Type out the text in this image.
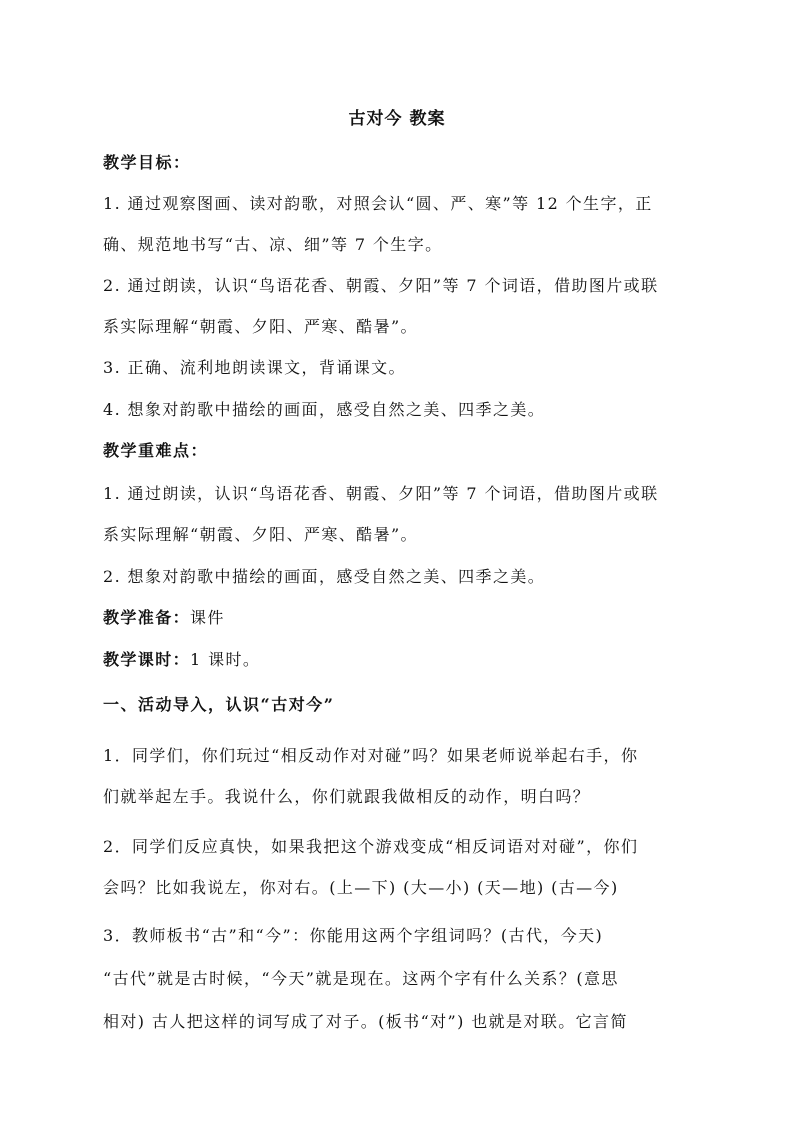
古对今 教案

教学目标：

1. 通过观察图画、读对韵歌，对照会认“圆、严、寒”等 12 个生字，正

确、规范地书写“古、凉、细”等 7 个生字。

2. 通过朗读，认识“鸟语花香、朝霞、夕阳”等 7 个词语，借助图片或联

系实际理解“朝霞、夕阳、严寒、酷暑”。

3. 正确、流利地朗读课文，背诵课文。

4. 想象对韵歌中描绘的画面，感受自然之美、四季之美。

教学重难点：

1. 通过朗读，认识“鸟语花香、朝霞、夕阳”等 7 个词语，借助图片或联

系实际理解“朝霞、夕阳、严寒、酷暑”。

2. 想象对韵歌中描绘的画面，感受自然之美、四季之美。

教学准备：课件

教学课时：1 课时。

一、活动导入，认识“古对今”

1．同学们，你们玩过“相反动作对对碰”吗？如果老师说举起右手，你

们就举起左手。我说什么，你们就跟我做相反的动作，明白吗？

2．同学们反应真快，如果我把这个游戏变成“相反词语对对碰”，你们

会吗？比如我说左，你对右。(上—下) (大—小) (天—地) (古—今)

3．教师板书“古”和“今”：你能用这两个字组词吗？(古代，今天)

“古代”就是古时候，“今天”就是现在。这两个字有什么关系？(意思

相对) 古人把这样的词写成了对子。(板书“对”) 也就是对联。它言简
